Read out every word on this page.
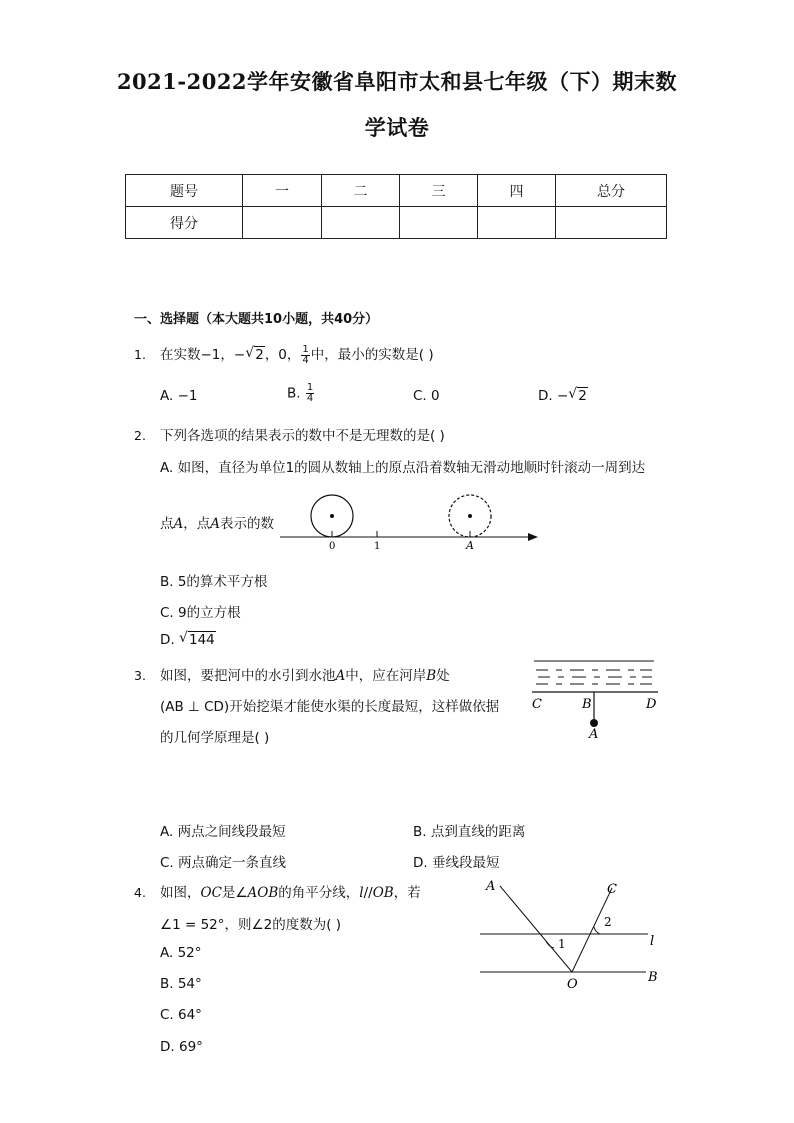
2021-2022学年安徽省阜阳市太和县七年级（下）期末数
学试卷
题号	一	二	三	四	总分
得分					
一、选择题（本大题共10小题，共40分）
1. 在实数−1，− √ 2，0， $\frac{1}{4}$ 中，最小的实数是( )
A. −1	B. $\frac{1}{4}$	C. 0	D. − √ 2
2. 下列各选项的结果表示的数中不是无理数的是( )
A. 如图，直径为单位1的圆从数轴上的原点沿着数轴无滑动地顺时针滚动一周到达
点A，点A表示的数
0	1	A
B. 5的算术平方根
C. 9的立方根
D. √ 144
3. 如图，要把河中的水引到水池A中，应在河岸B处
(AB ⊥ CD)开始挖渠才能使水渠的长度最短，这样做依据
的几何学原理是( )
C	B	D
A
A. 两点之间线段最短	B. 点到直线的距离
C. 两点确定一条直线	D. 垂线段最短
4. 如图，OC是∠AOB的角平分线，l//OB，若
∠1 = 52°，则∠2的度数为( )
A	C
l
B
O
1
2
A. 52°
B. 54°
C. 64°
D. 69°
